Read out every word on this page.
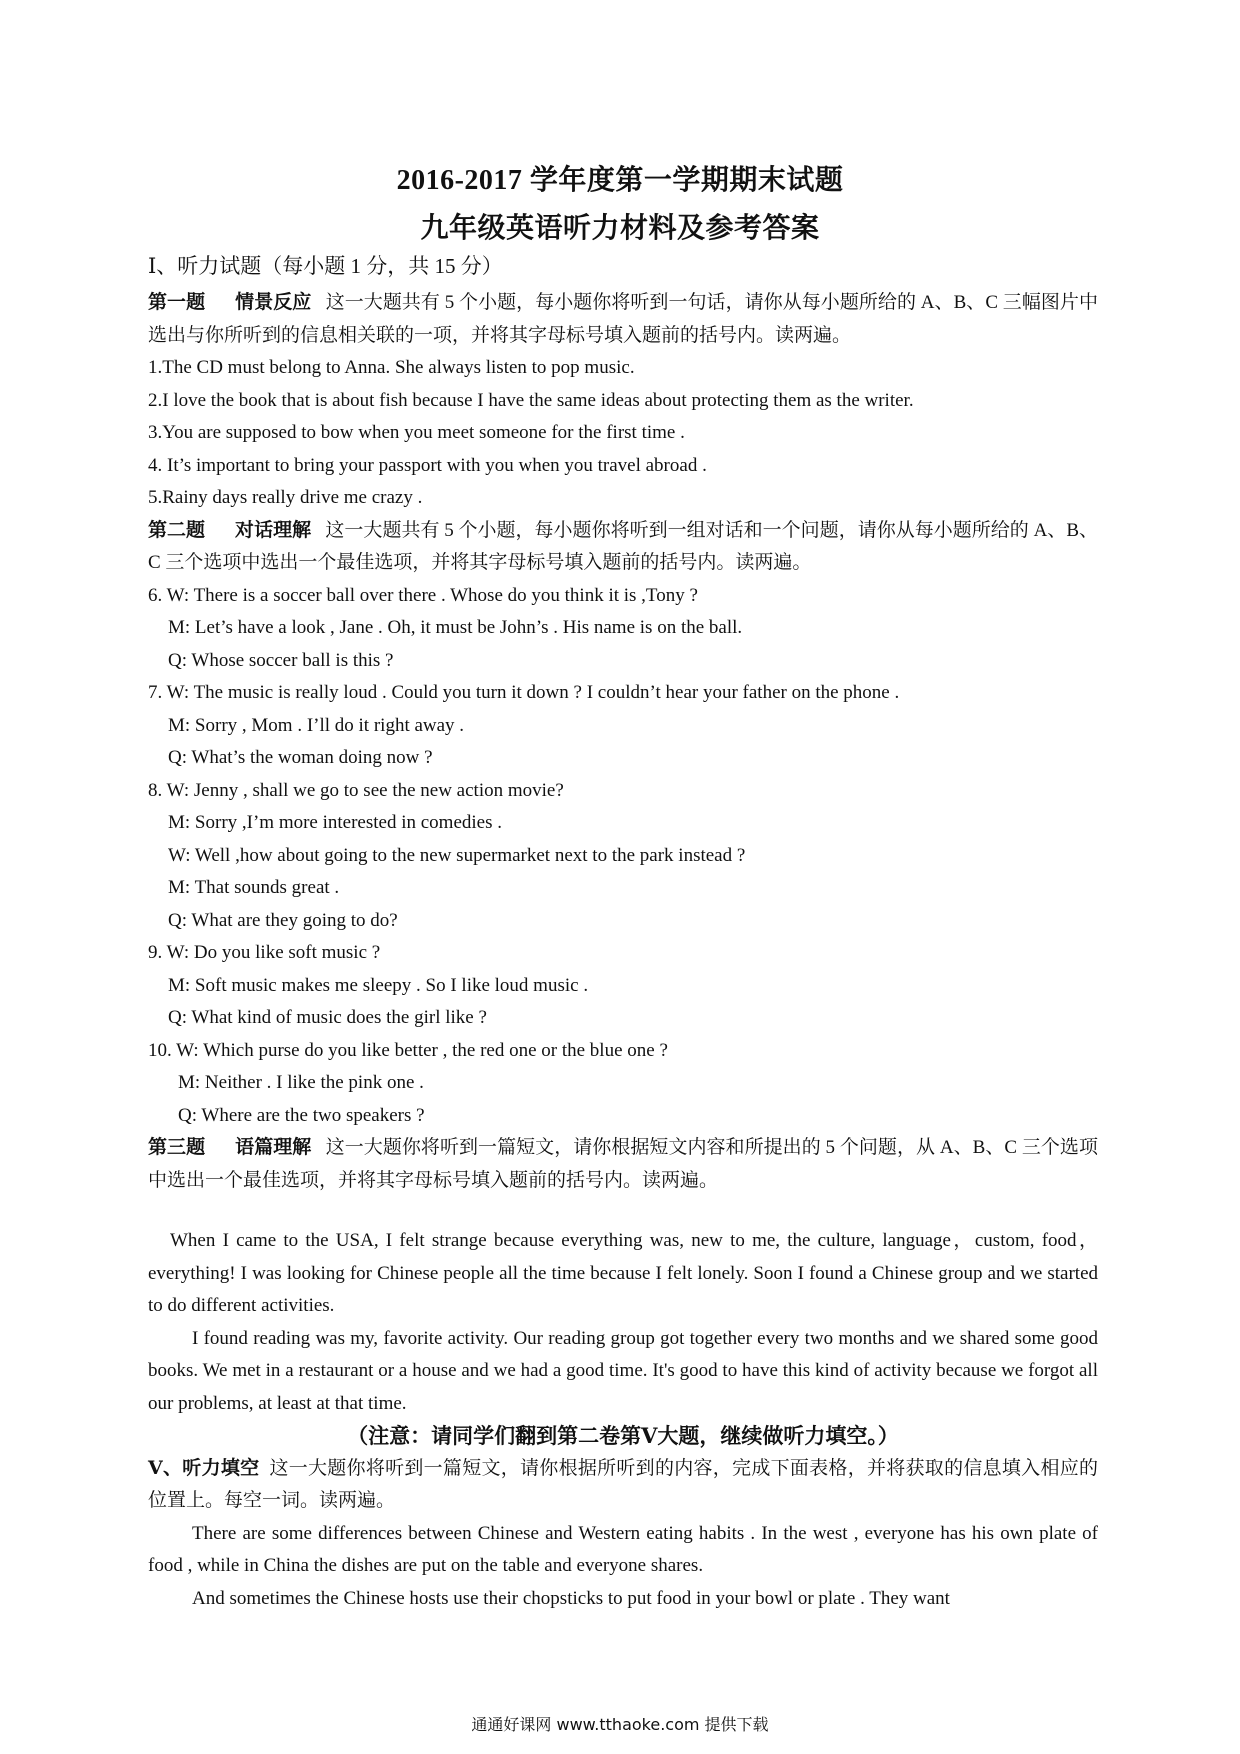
2016-2017 学年度第一学期期末试题
九年级英语听力材料及参考答案
Ⅰ、听力试题（每小题 1 分，共 15 分）
第一题 情景反应 这一大题共有 5 个小题，每小题你将听到一句话，请你从每小题所给的 A、B、C 三幅图片中选出与你所听到的信息相关联的一项，并将其字母标号填入题前的括号内。读两遍。
1.The CD must belong to Anna. She always listen to pop music.
2.I love the book that is about fish because I have the same ideas about protecting them as the writer.
3.You are supposed to bow when you meet someone for the first time .
4. It’s important to bring your passport with you when you travel abroad .
5.Rainy days really drive me crazy .
第二题 对话理解 这一大题共有 5 个小题，每小题你将听到一组对话和一个问题，请你从每小题所给的 A、B、C 三个选项中选出一个最佳选项，并将其字母标号填入题前的括号内。读两遍。
6. W: There is a soccer ball over there . Whose do you think it is ,Tony ?
M: Let’s have a look , Jane . Oh, it must be John’s . His name is on the ball.
Q: Whose soccer ball is this ?
7. W: The music is really loud . Could you turn it down ? I couldn’t hear your father on the phone .
M: Sorry , Mom . I’ll do it right away .
Q: What’s the woman doing now ?
8. W: Jenny , shall we go to see the new action movie?
M: Sorry ,I’m more interested in comedies .
W: Well ,how about going to the new supermarket next to the park instead ?
M: That sounds great .
Q: What are they going to do?
9. W: Do you like soft music ?
M: Soft music makes me sleepy . So I like loud music .
Q: What kind of music does the girl like ?
10. W: Which purse do you like better , the red one or the blue one ?
M: Neither . I like the pink one .
Q: Where are the two speakers ?
第三题 语篇理解 这一大题你将听到一篇短文，请你根据短文内容和所提出的 5 个问题，从 A、B、C 三个选项中选出一个最佳选项，并将其字母标号填入题前的括号内。读两遍。
When I came to the USA, I felt strange because everything was, new to me, the culture, language，custom, food，everything! I was looking for Chinese people all the time because I felt lonely. Soon I found a Chinese group and we started to do different activities.
I found reading was my, favorite activity. Our reading group got together every two months and we shared some good books. We met in a restaurant or a house and we had a good time. It's good to have this kind of activity because we forgot all our problems, at least at that time.
（注意：请同学们翻到第二卷第Ⅴ大题，继续做听力填空。）
Ⅴ、听力填空 这一大题你将听到一篇短文，请你根据所听到的内容，完成下面表格，并将获取的信息填入相应的位置上。每空一词。读两遍。
There are some differences between Chinese and Western eating habits . In the west , everyone has his own plate of food , while in China the dishes are put on the table and everyone shares.
And sometimes the Chinese hosts use their chopsticks to put food in your bowl or plate . They want
通通好课网 www.tthaoke.com 提供下载
